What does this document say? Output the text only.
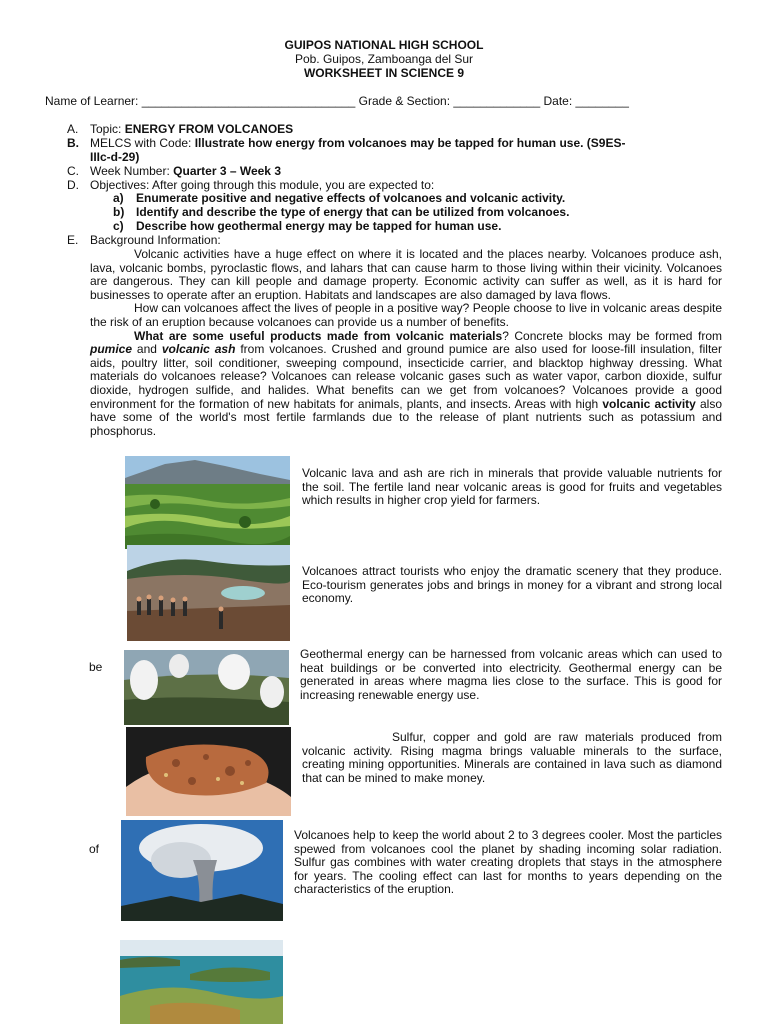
GUIPOS NATIONAL HIGH SCHOOL
Pob. Guipos, Zamboanga del Sur
WORKSHEET IN SCIENCE 9
Name of Learner: ________________________________ Grade & Section: _____________ Date: ________
A. Topic: ENERGY FROM VOLCANOES
B. MELCS with Code: Illustrate how energy from volcanoes may be tapped for human use. (S9ES-
IIIc-d-29)
C. Week Number: Quarter 3 – Week 3
D. Objectives: After going through this module, you are expected to:
a) Enumerate positive and negative effects of volcanoes and volcanic activity.
b) Identify and describe the type of energy that can be utilized from volcanoes.
c) Describe how geothermal energy may be tapped for human use.
E. Background Information:
Volcanic activities have a huge effect on where it is located and the places nearby. Volcanoes produce ash, lava, volcanic bombs, pyroclastic flows, and lahars that can cause harm to those living within their vicinity. Volcanoes are dangerous. They can kill people and damage property. Economic activity can suffer as well, as it is hard for businesses to operate after an eruption. Habitats and landscapes are also damaged by lava flows.
How can volcanoes affect the lives of people in a positive way? People choose to live in volcanic areas despite the risk of an eruption because volcanoes can provide us a number of benefits.
What are some useful products made from volcanic materials? Concrete blocks may be formed from pumice and volcanic ash from volcanoes. Crushed and ground pumice are also used for loose-fill insulation, filter aids, poultry litter, soil conditioner, sweeping compound, insecticide carrier, and blacktop highway dressing. What materials do volcanoes release? Volcanoes can release volcanic gases such as water vapor, carbon dioxide, sulfur dioxide, hydrogen sulfide, and halides. What benefits can we get from volcanoes? Volcanoes provide a good environment for the formation of new habitats for animals, plants, and insects. Areas with high volcanic activity also have some of the world's most fertile farmlands due to the release of plant nutrients such as potassium and phosphorus.
Volcanic lava and ash are rich in minerals that provide valuable nutrients for the soil. The fertile land near volcanic areas is good for fruits and vegetables which results in higher crop yield for farmers.
Volcanoes attract tourists who enjoy the dramatic scenery that they produce. Eco-tourism generates jobs and brings in money for a vibrant and strong local economy.
be
Geothermal energy can be harnessed from volcanic areas which can used to heat buildings or be converted into electricity. Geothermal energy can be generated in areas where magma lies close to the surface. This is good for increasing renewable energy use.
Sulfur, copper and gold are raw materials produced from volcanic activity. Rising magma brings valuable minerals to the surface, creating mining opportunities. Minerals are contained in lava such as diamond that can be mined to make money.
of
Volcanoes help to keep the world about 2 to 3 degrees cooler. Most the particles spewed from volcanoes cool the planet by shading incoming solar radiation. Sulfur gas combines with water creating droplets that stays in the atmosphere for years. The cooling effect can last for months to years depending on the characteristics of the eruption.
